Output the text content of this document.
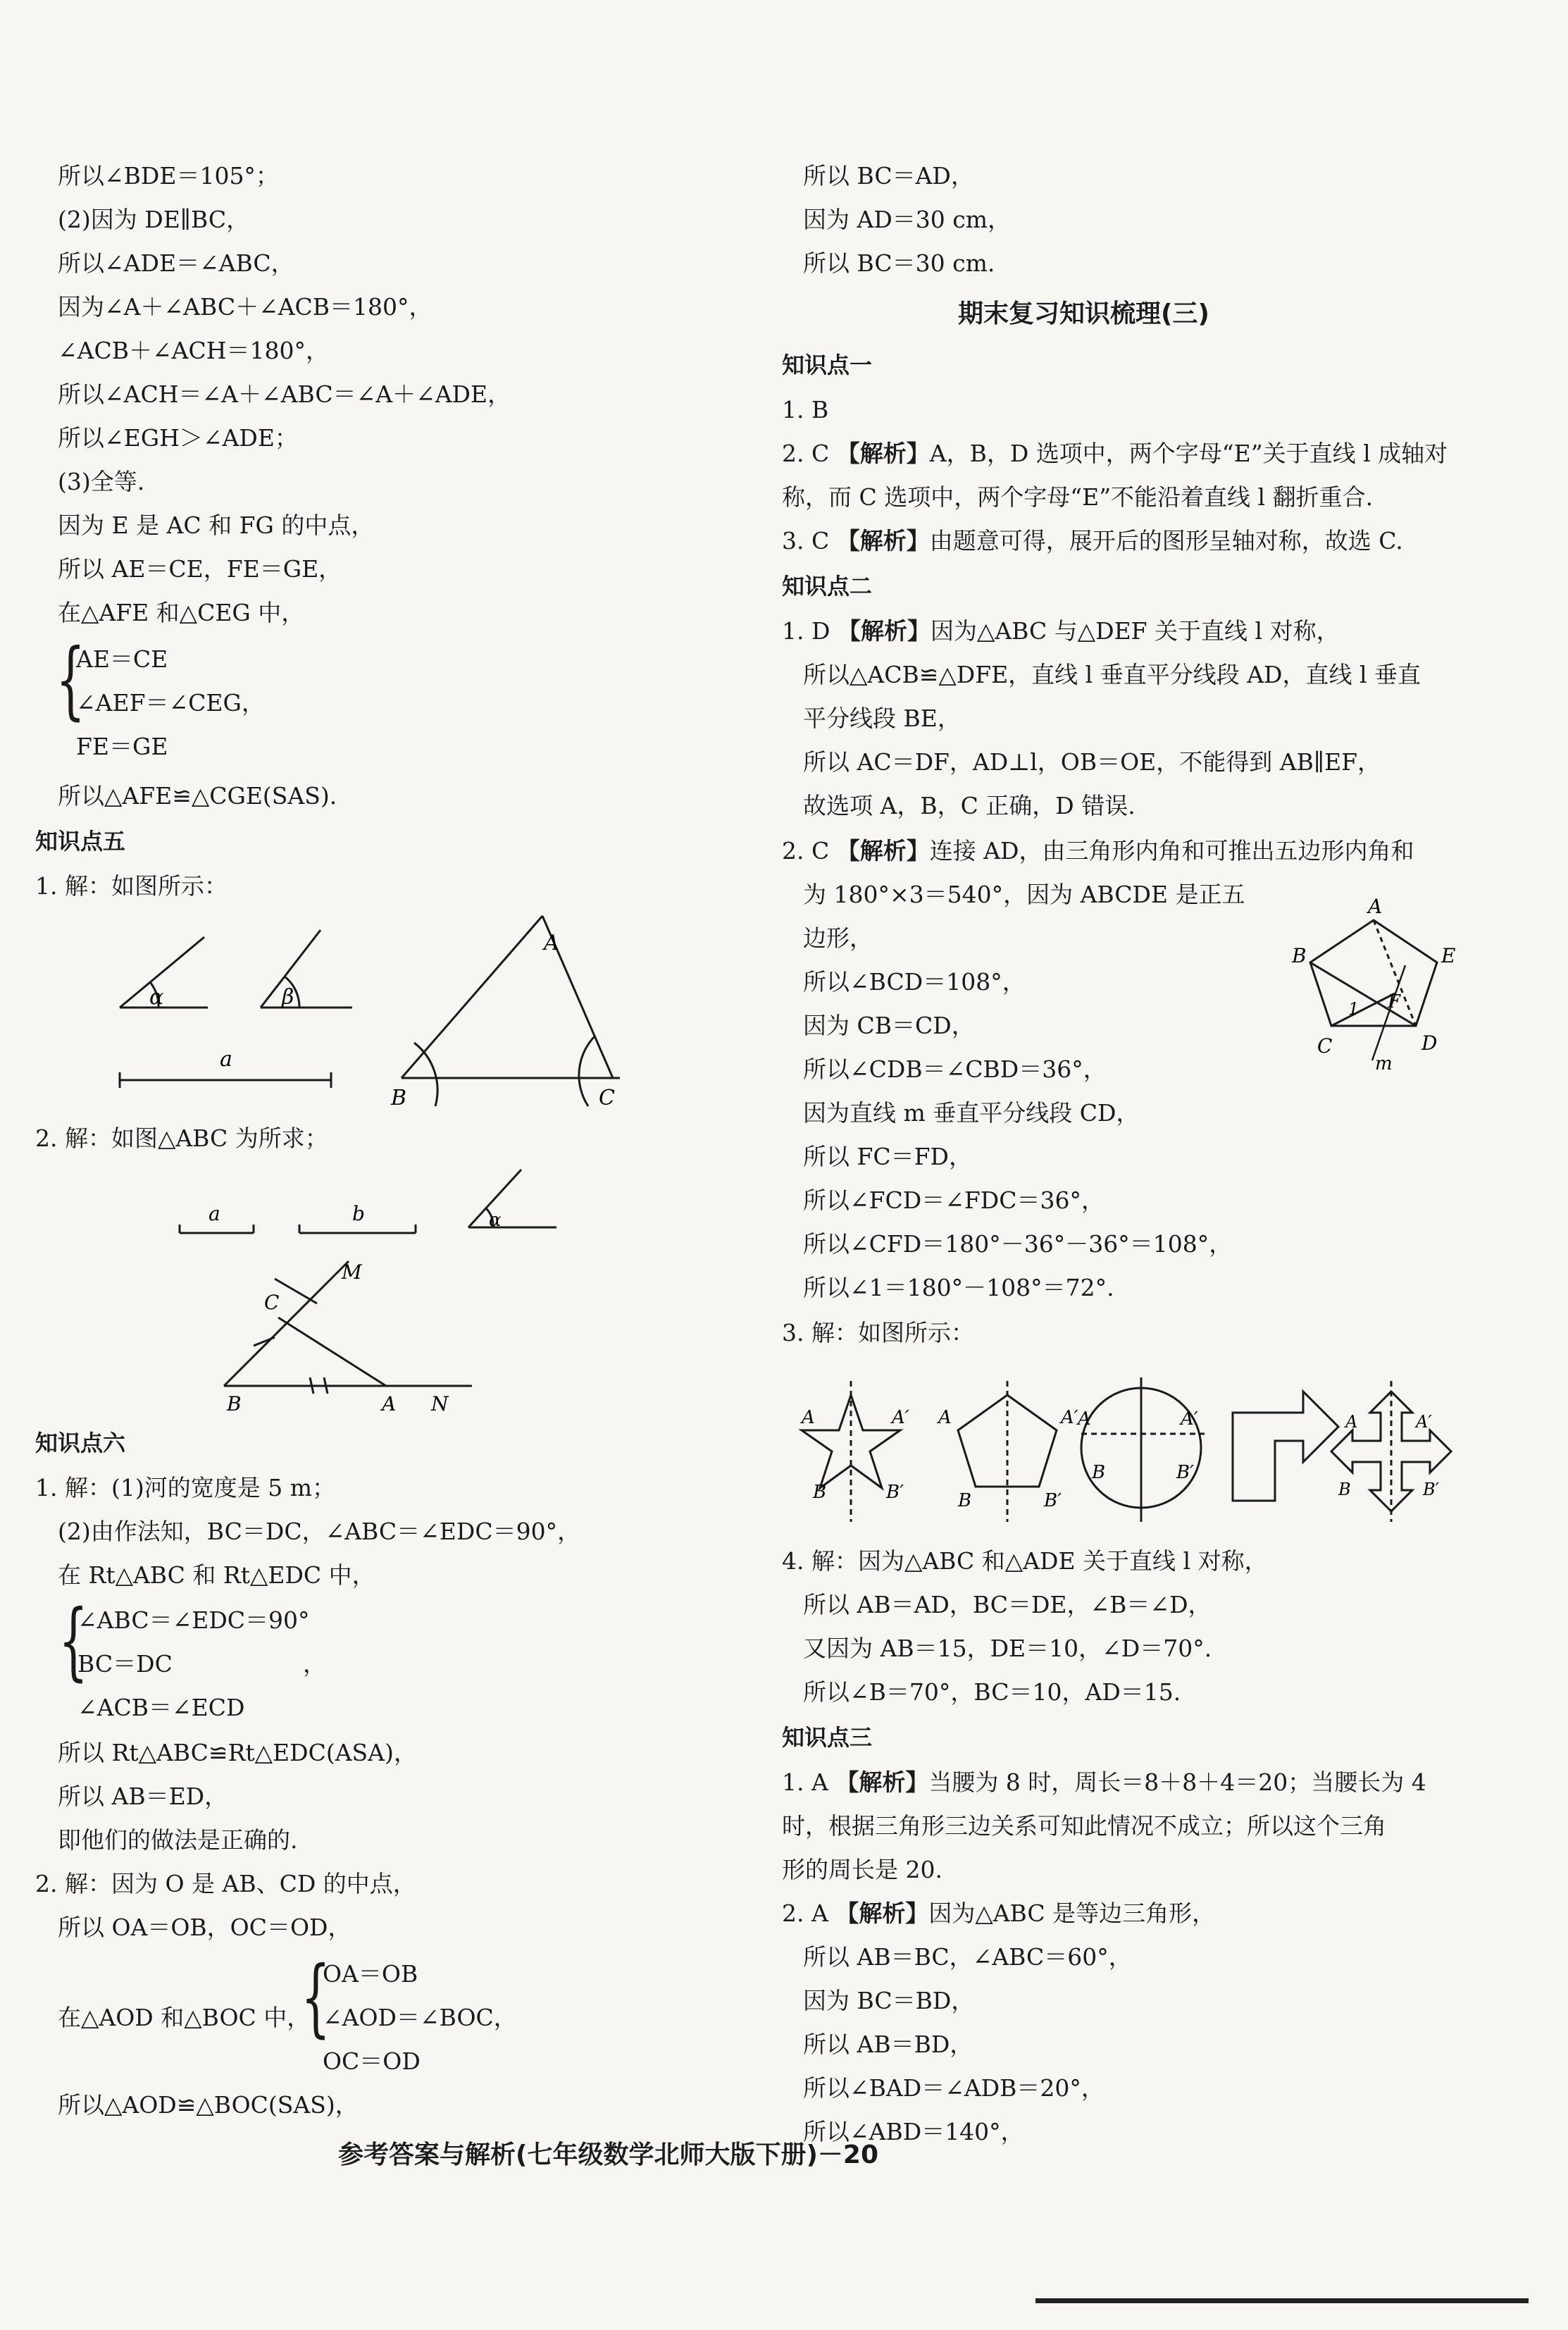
所以∠BDE＝105°；
(2)因为 DE∥BC，
所以∠ADE＝∠ABC，
因为∠A＋∠ABC＋∠ACB＝180°，
∠ACB＋∠ACH＝180°，
所以∠ACH＝∠A＋∠ABC＝∠A＋∠ADE，
所以∠EGH＞∠ADE；
(3)全等.
因为 E 是 AC 和 FG 的中点，
所以 AE＝CE，FE＝GE，
在△AFE 和△CEG 中，
{
AE＝CE
∠AEF＝∠CEG，
FE＝GE
所以△AFE≌△CGE(SAS).
知识点五
1. 解：如图所示：
α	β
a
A
B	C
2. 解：如图△ABC 为所求；
a	b	α
M
C
B	A N
知识点六
1. 解：(1)河的宽度是 5 m；
(2)由作法知，BC＝DC，∠ABC＝∠EDC＝90°，
在 Rt△ABC 和 Rt△EDC 中，
{
∠ABC＝∠EDC＝90°
BC＝DC	，
∠ACB＝∠ECD
所以 Rt△ABC≌Rt△EDC(ASA)，
所以 AB＝ED，
即他们的做法是正确的.
2. 解：因为 O 是 AB、CD 的中点，
所以 OA＝OB，OC＝OD，
在△AOD 和△BOC 中，
{
OA＝OB
∠AOD＝∠BOC，
OC＝OD
所以△AOD≌△BOC(SAS)，
所以 BC＝AD，
因为 AD＝30 cm，
所以 BC＝30 cm.
期末复习知识梳理(三)
知识点一
1. B
2. C 【解析】A，B，D 选项中，两个字母“E”关于直线 l 成轴对
称，而 C 选项中，两个字母“E”不能沿着直线 l 翻折重合.
3. C 【解析】由题意可得，展开后的图形呈轴对称，故选 C.
知识点二
1. D 【解析】因为△ABC 与△DEF 关于直线 l 对称，
所以△ACB≌△DFE，直线 l 垂直平分线段 AD，直线 l 垂直
平分线段 BE，
所以 AC＝DF，AD⊥l，OB＝OE，不能得到 AB∥EF，
故选项 A，B，C 正确，D 错误.
2. C 【解析】连接 AD，由三角形内角和可推出五边形内角和
为 180°×3＝540°，因为 ABCDE 是正五
边形，
所以∠BCD＝108°，
因为 CB＝CD，
所以∠CDB＝∠CBD＝36°，
因为直线 m 垂直平分线段 CD，
所以 FC＝FD，
所以∠FCD＝∠FDC＝36°，
所以∠CFD＝180°－36°－36°＝108°，
所以∠1＝180°－108°＝72°.
A
E
B
F
1
C	D
m
3. 解：如图所示：
A	A′
B	B′
A	A′
B	B′
A	A′
B	B′
A	A′
B	B′
4. 解：因为△ABC 和△ADE 关于直线 l 对称，
所以 AB＝AD，BC＝DE，∠B＝∠D，
又因为 AB＝15，DE＝10，∠D＝70°.
所以∠B＝70°，BC＝10，AD＝15.
知识点三
1. A 【解析】当腰为 8 时，周长＝8＋8＋4＝20；当腰长为 4
时，根据三角形三边关系可知此情况不成立；所以这个三角
形的周长是 20.
2. A 【解析】因为△ABC 是等边三角形，
所以 AB＝BC，∠ABC＝60°，
因为 BC＝BD，
所以 AB＝BD，
所以∠BAD＝∠ADB＝20°，
所以∠ABD＝140°，
参考答案与解析(七年级数学北师大版下册)－20
